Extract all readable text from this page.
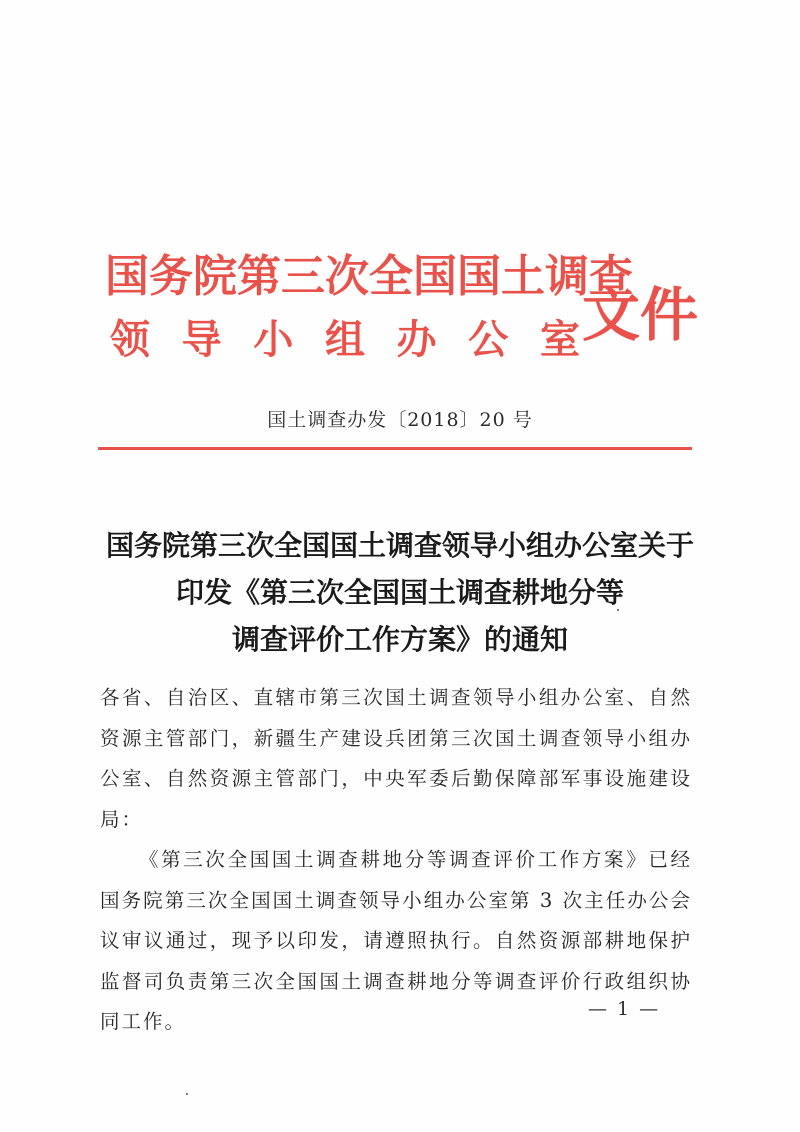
国务院第三次全国国土调查
领 导 小 组 办 公 室 文件
国土调查办发〔2018〕20 号
国务院第三次全国国土调查领导小组办公室关于
印发《第三次全国国土调查耕地分等
调查评价工作方案》的通知

各省、自治区、直辖市第三次国土调查领导小组办公室、自然资源主管部门，新疆生产建设兵团第三次国土调查领导小组办公室、自然资源主管部门，中央军委后勤保障部军事设施建设局：

《第三次全国国土调查耕地分等调查评价工作方案》已经国务院第三次全国国土调查领导小组办公室第 3 次主任办公会议审议通过，现予以印发，请遵照执行。自然资源部耕地保护监督司负责第三次全国国土调查耕地分等调查评价行政组织协同工作。

— 1 —
